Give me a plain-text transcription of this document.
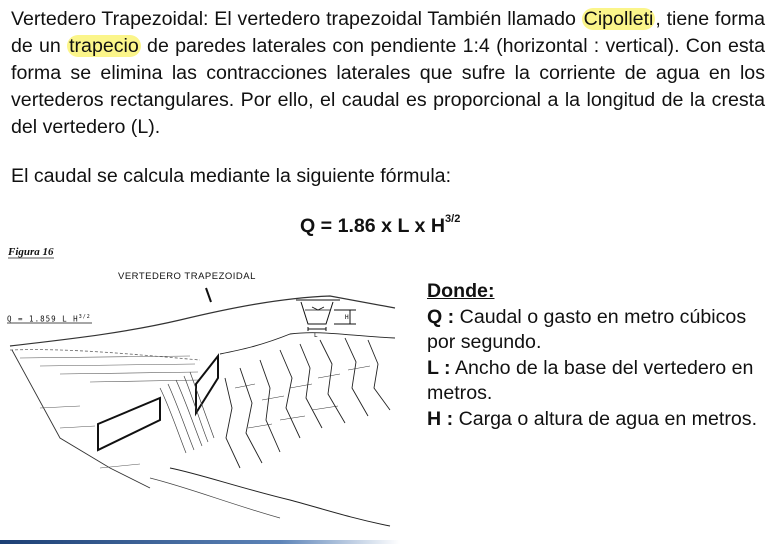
Vertedero Trapezoidal: El vertedero trapezoidal También llamado Cipolleti , tiene forma de un trapecio de paredes laterales con pendiente 1:4 (horizontal : vertical). Con esta forma se elimina las contracciones laterales que sufre la corriente de agua en los vertederos rectangulares. Por ello, el caudal es proporcional a la longitud de la cresta del vertedero (L).

El caudal se calcula mediante la siguiente fórmula:

Q = 1.86 x L x $H^{3/2}$

H
L
Figura 16
VERTEDERO TRAPEZOIDAL
Q = 1.859 L $H^{3/2}$
Donde:
Q : Caudal o gasto en metro cúbicos por segundo.
L : Ancho de la base del vertedero en metros.
H : Carga o altura de agua en metros.
